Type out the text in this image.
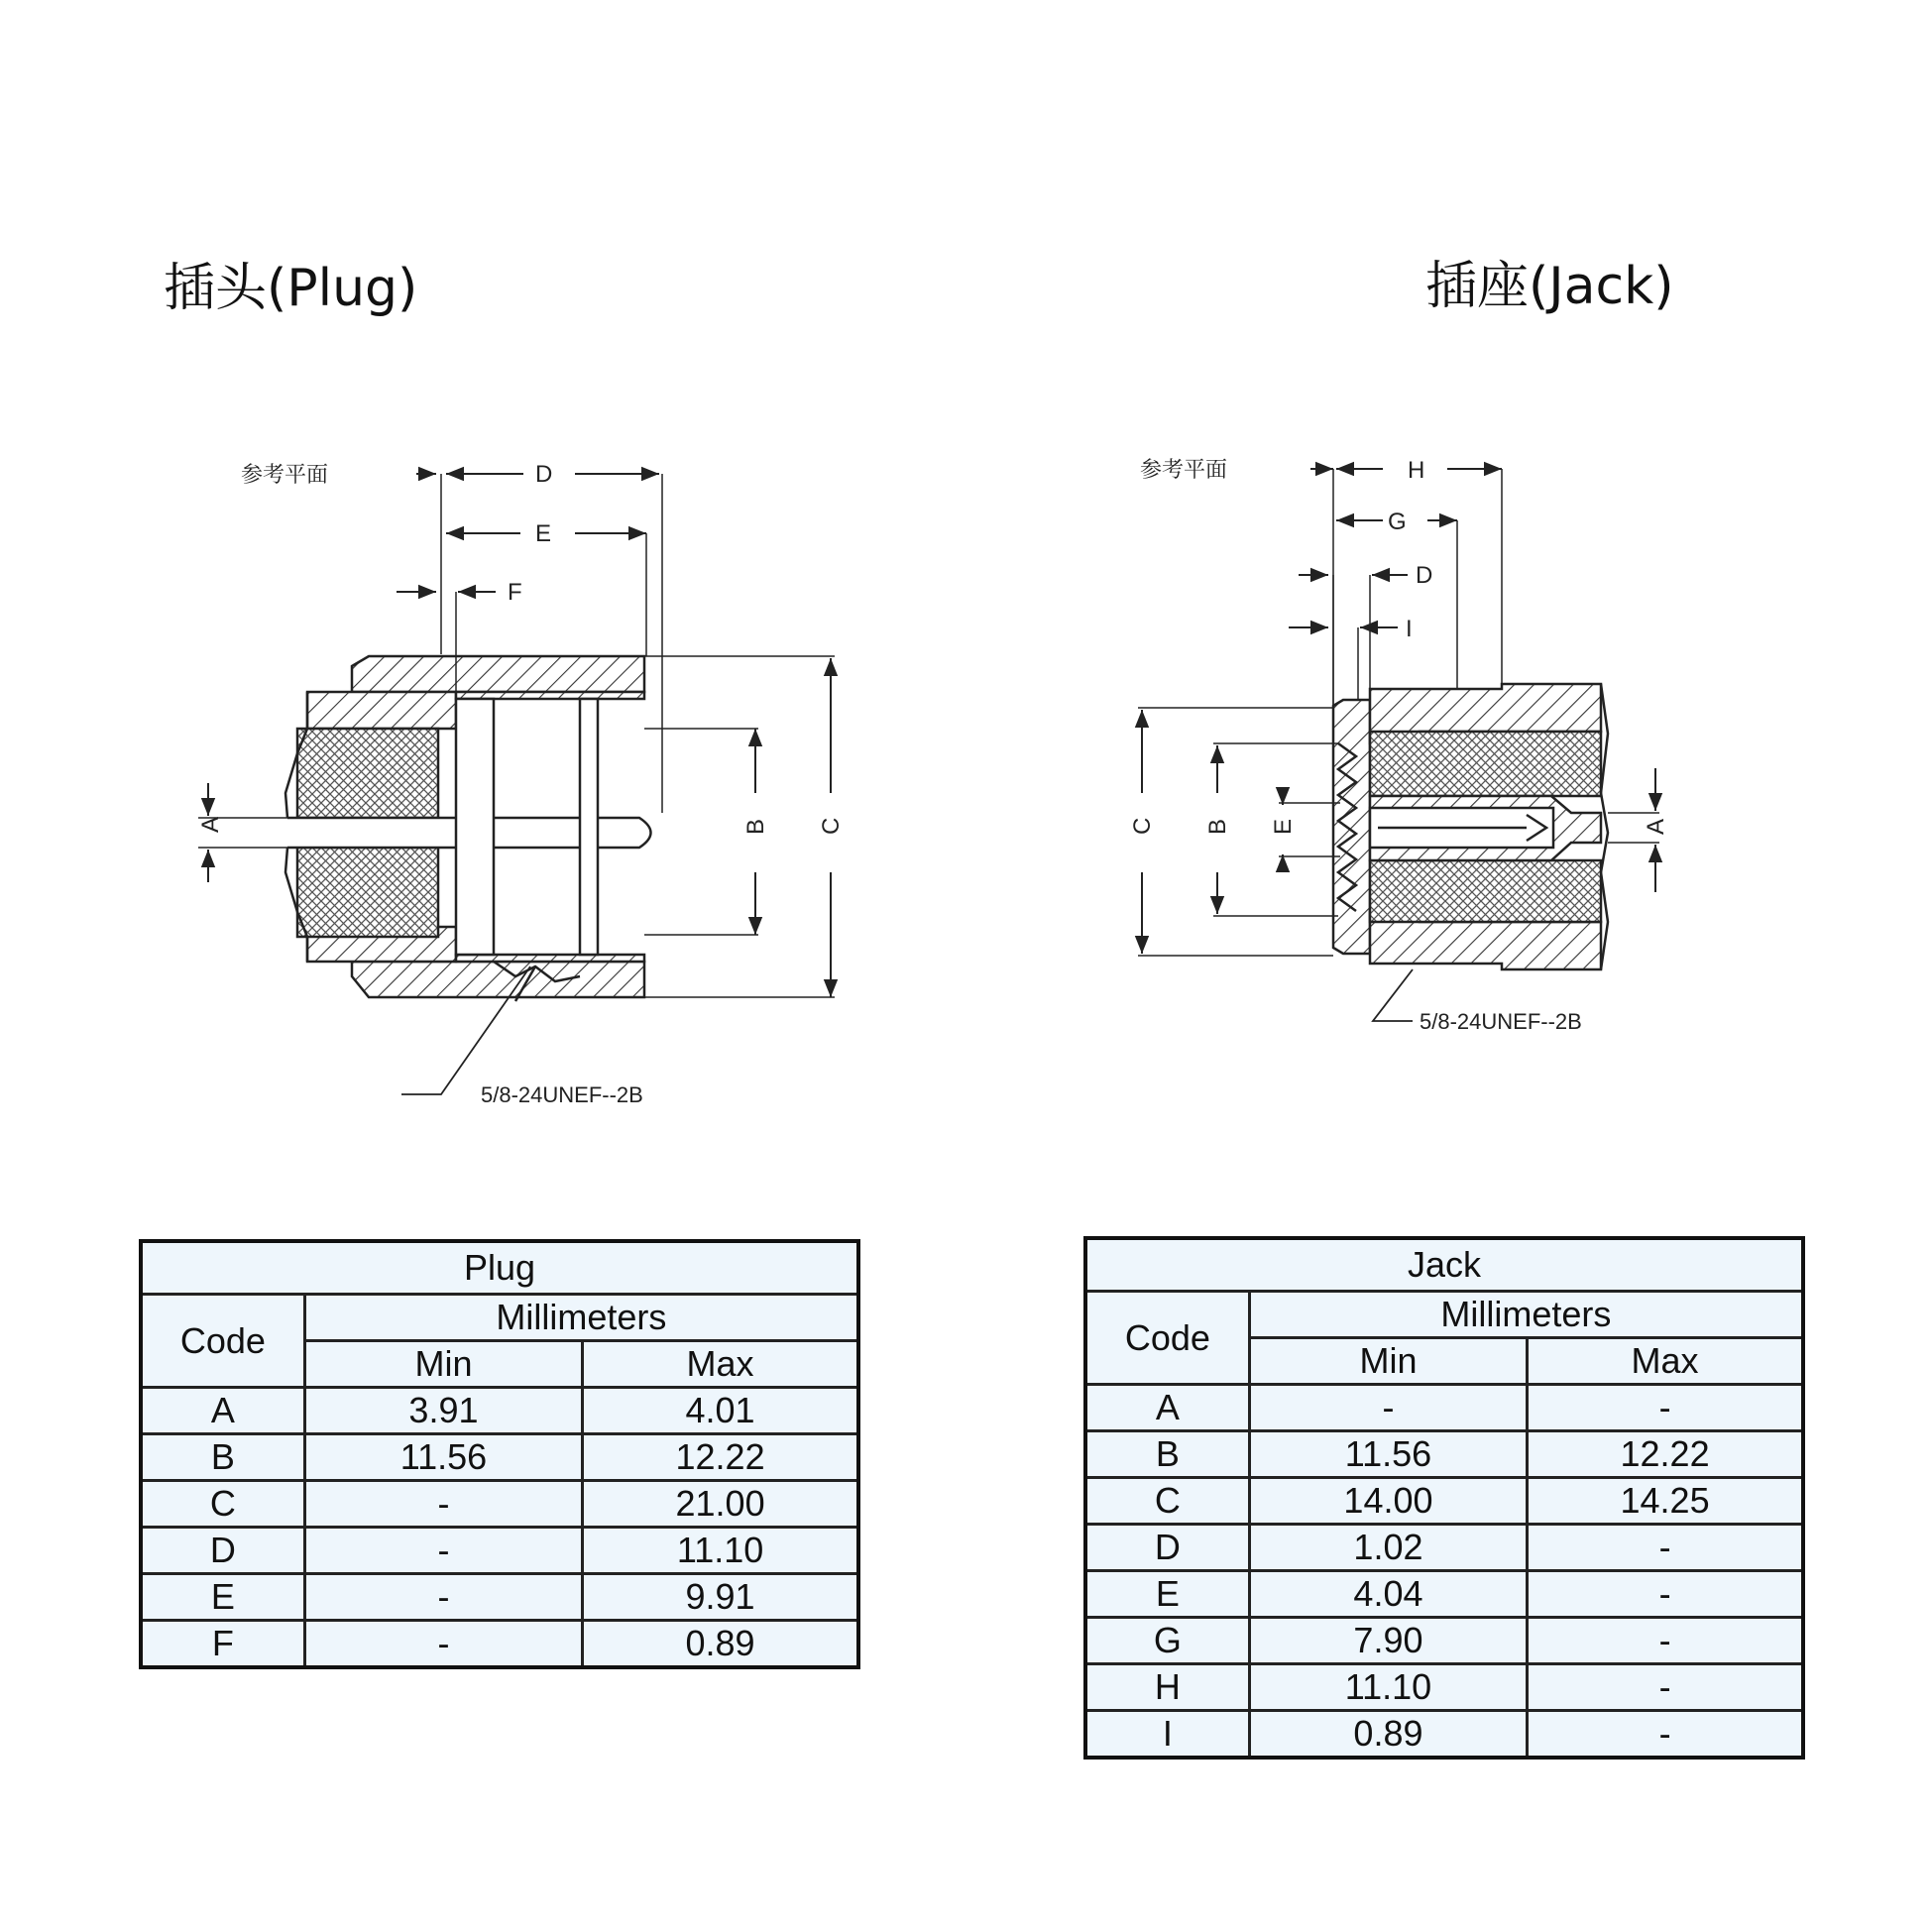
插头(Plug)	插座(Jack)
参考平面	D
E
F
A	B C
5/8-24UNEF--2B
参考平面	H
G
D
I
C B E	A
5/8-24UNEF--2B
Plug		
Code	Millimeters	
	Min	Max
A	3.91	4.01
B	11.56	12.22
C	-	21.00
D	-	11.10
E	-	9.91
F	-	0.89
Jack		
Code	Millimeters	
	Min	Max
A	-	-
B	11.56	12.22
C	14.00	14.25
D	1.02	-
E	4.04	-
G	7.90	-
H	11.10	-
I	0.89	-
